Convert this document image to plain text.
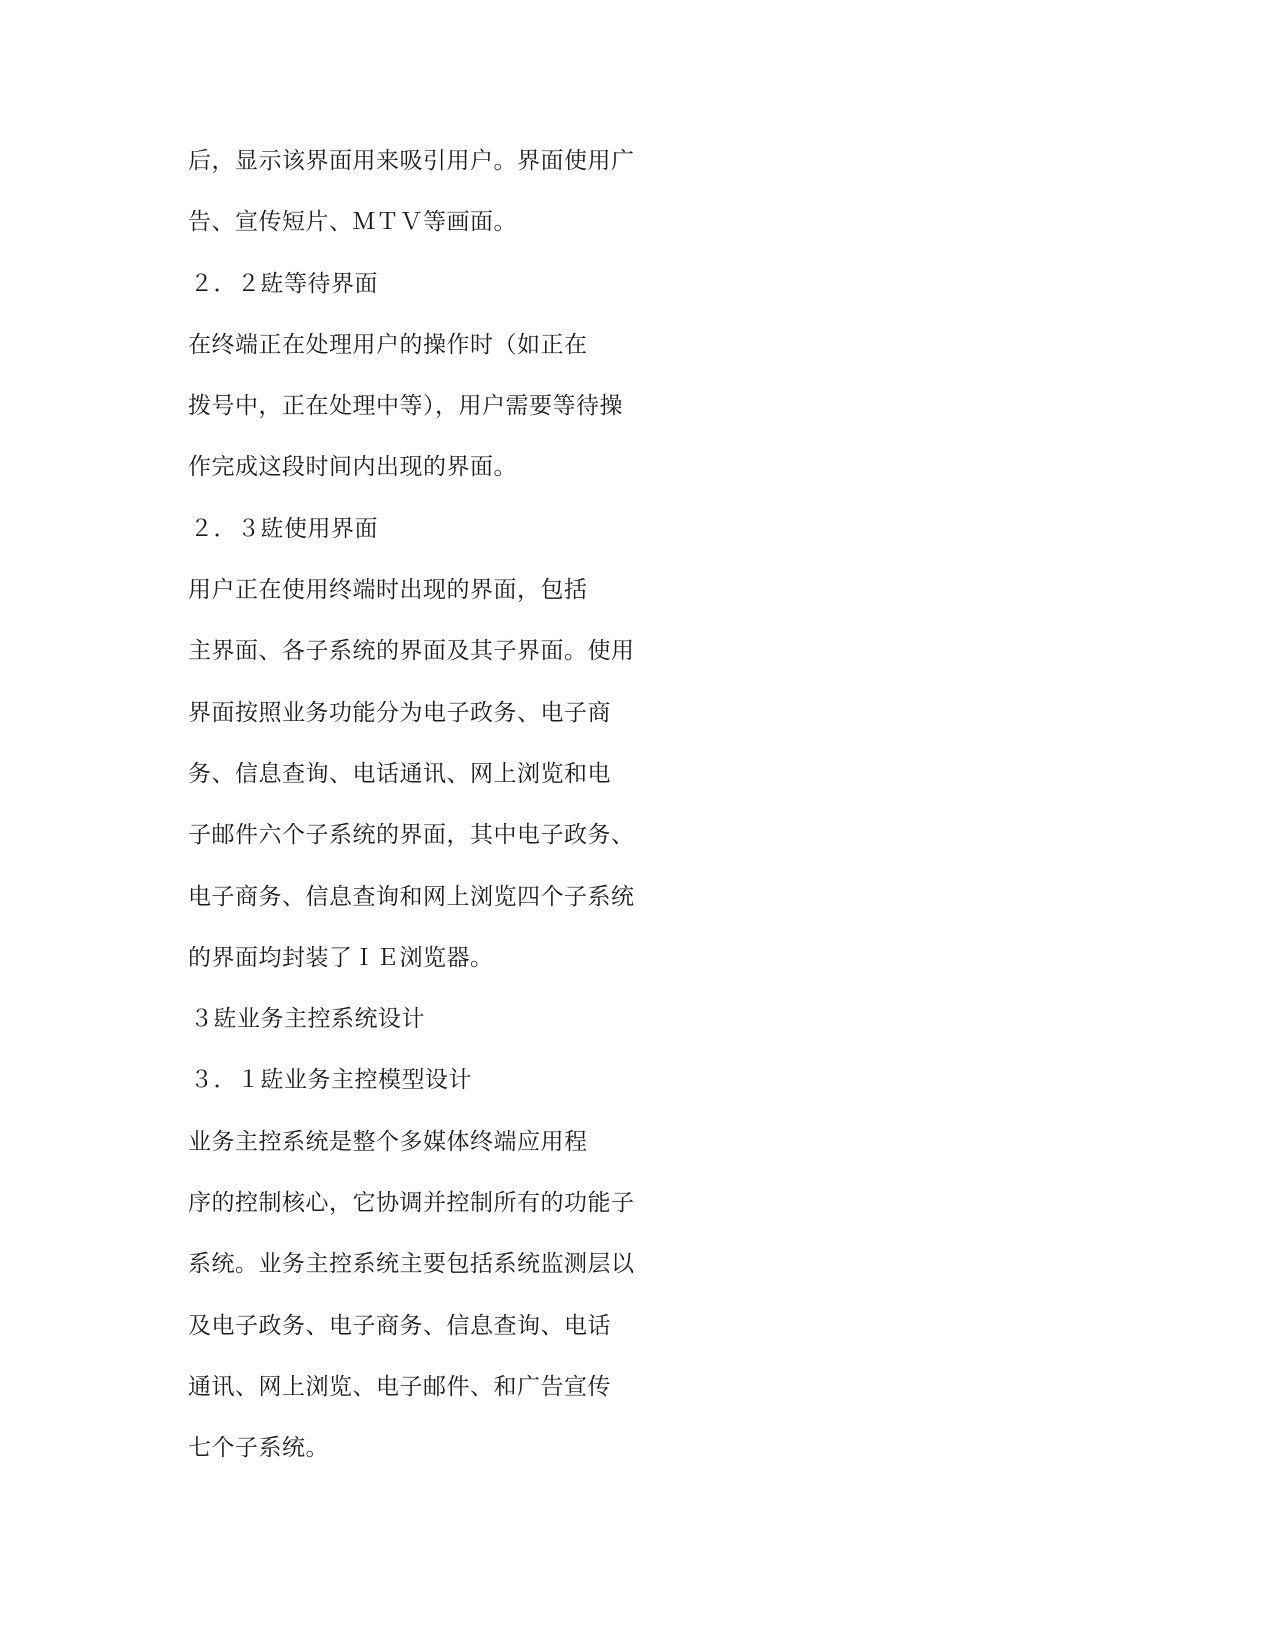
后，显示该界面用来吸引用户。界面使用广
告、宣传短片、ＭＴＶ等画面。
２．２䦈等待界面
在终端正在处理用户的操作时（如正在
拨号中，正在处理中等），用户需要等待操
作完成这段时间内出现的界面。
２．３䦈使用界面
用户正在使用终端时出现的界面，包括
主界面、各子系统的界面及其子界面。使用
界面按照业务功能分为电子政务、电子商
务、信息查询、电话通讯、网上浏览和电
子邮件六个子系统的界面，其中电子政务、
电子商务、信息查询和网上浏览四个子系统
的界面均封装了ＩＥ浏览器。
３䦈业务主控系统设计
３．１䦈业务主控模型设计
业务主控系统是整个多媒体终端应用程
序的控制核心，它协调并控制所有的功能子
系统。业务主控系统主要包括系统监测层以
及电子政务、电子商务、信息查询、电话
通讯、网上浏览、电子邮件、和广告宣传
七个子系统。
